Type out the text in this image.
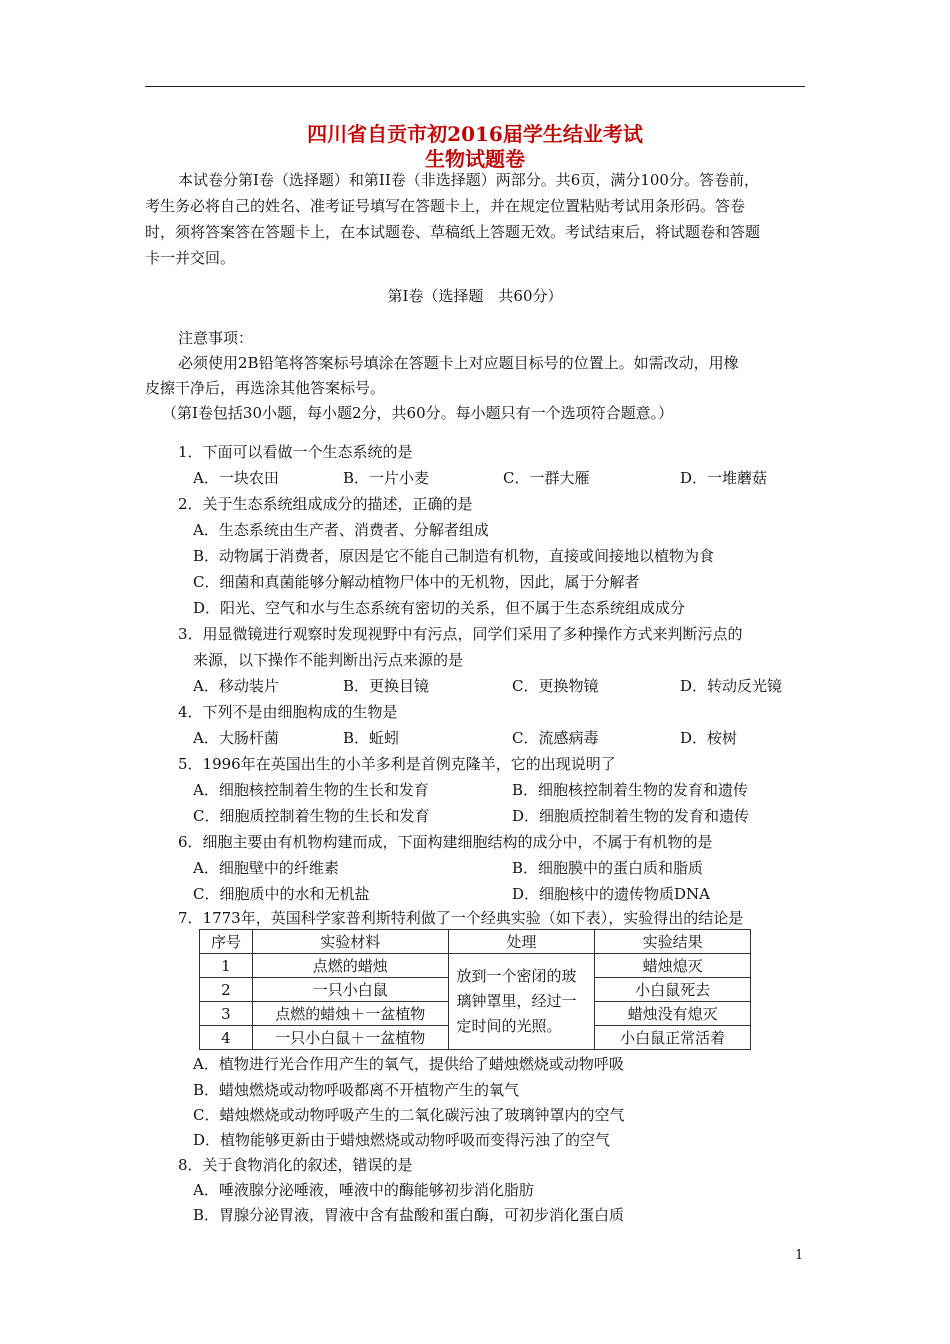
四川省自贡市初2016届学生结业考试
生物试题卷
本试卷分第Ⅰ卷（选择题）和第II卷（非选择题）两部分。共6页，满分100分。答卷前，
考生务必将自己的姓名、准考证号填写在答题卡上，并在规定位置粘贴考试用条形码。答卷
时，须将答案答在答题卡上，在本试题卷、草稿纸上答题无效。考试结束后，将试题卷和答题
卡一并交回。
第Ⅰ卷（选择题　共60分）
注意事项：
必须使用2B铅笔将答案标号填涂在答题卡上对应题目标号的位置上。如需改动，用橡
皮擦干净后，再选涂其他答案标号。
（第Ⅰ卷包括30小题，每小题2分，共60分。每小题只有一个选项符合题意。）
1．下面可以看做一个生态系统的是
A．一块农田	B．一片小麦	C．一群大雁	D．一堆蘑菇
2．关于生态系统组成成分的描述，正确的是
A．生态系统由生产者、消费者、分解者组成
B．动物属于消费者，原因是它不能自己制造有机物，直接或间接地以植物为食
C．细菌和真菌能够分解动植物尸体中的无机物，因此，属于分解者
D．阳光、空气和水与生态系统有密切的关系，但不属于生态系统组成成分
3．用显微镜进行观察时发现视野中有污点，同学们采用了多种操作方式来判断污点的
来源，以下操作不能判断出污点来源的是
A．移动装片	B．更换目镜	C．更换物镜	D．转动反光镜
4．下列不是由细胞构成的生物是
A．大肠杆菌	B．蚯蚓	C．流感病毒	D．桉树
5．1996年在英国出生的小羊多利是首例克隆羊，它的出现说明了
A．细胞核控制着生物的生长和发育	B．细胞核控制着生物的发育和遗传
C．细胞质控制着生物的生长和发育	D．细胞质控制着生物的发育和遗传
6．细胞主要由有机物构建而成，下面构建细胞结构的成分中，不属于有机物的是
A．细胞壁中的纤维素	B．细胞膜中的蛋白质和脂质
C．细胞质中的水和无机盐	D．细胞核中的遗传物质DNA
7．1773年，英国科学家普利斯特利做了一个经典实验（如下表），实验得出的结论是
序号	实验材料	处理	实验结果
1	点燃的蜡烛	放到一个密闭的玻璃钟罩里，经过一定时间的光照。	蜡烛熄灭
2	一只小白鼠		小白鼠死去
3	点燃的蜡烛＋一盆植物		蜡烛没有熄灭
4	一只小白鼠＋一盆植物		小白鼠正常活着
A．植物进行光合作用产生的氧气，提供给了蜡烛燃烧或动物呼吸
B．蜡烛燃烧或动物呼吸都离不开植物产生的氧气
C．蜡烛燃烧或动物呼吸产生的二氧化碳污浊了玻璃钟罩内的空气
D．植物能够更新由于蜡烛燃烧或动物呼吸而变得污浊了的空气
8．关于食物消化的叙述，错误的是
A．唾液腺分泌唾液，唾液中的酶能够初步消化脂肪
B．胃腺分泌胃液，胃液中含有盐酸和蛋白酶，可初步消化蛋白质
1
